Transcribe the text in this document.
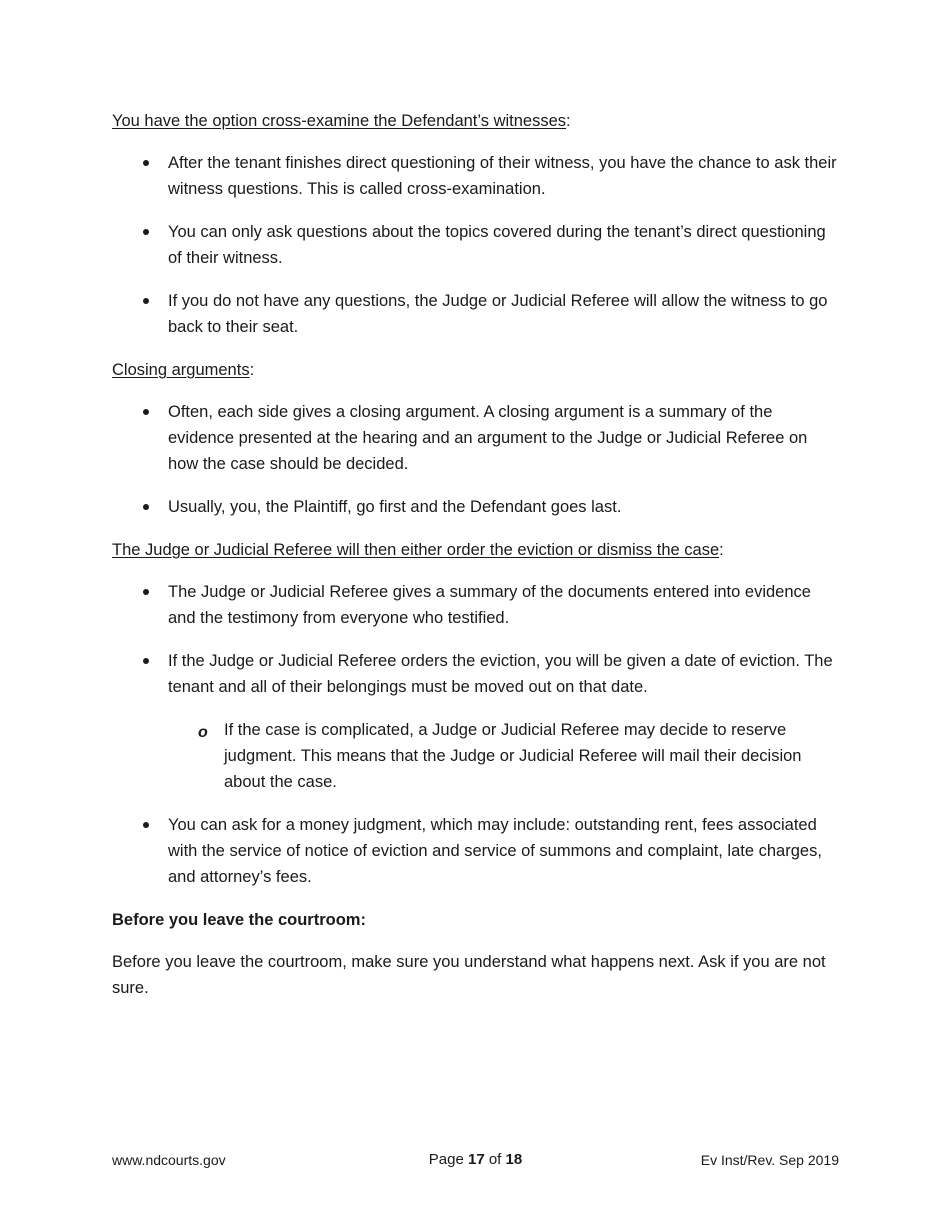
You have the option cross-examine the Defendant’s witnesses:

After the tenant finishes direct questioning of their witness, you have the chance to ask their witness questions. This is called cross-examination.
You can only ask questions about the topics covered during the tenant’s direct questioning of their witness.
If you do not have any questions, the Judge or Judicial Referee will allow the witness to go back to their seat.

Closing arguments:

Often, each side gives a closing argument. A closing argument is a summary of the evidence presented at the hearing and an argument to the Judge or Judicial Referee on how the case should be decided.
Usually, you, the Plaintiff, go first and the Defendant goes last.

The Judge or Judicial Referee will then either order the eviction or dismiss the case:

The Judge or Judicial Referee gives a summary of the documents entered into evidence and the testimony from everyone who testified.
If the Judge or Judicial Referee orders the eviction, you will be given a date of eviction. The tenant and all of their belongings must be moved out on that date.
o If the case is complicated, a Judge or Judicial Referee may decide to reserve judgment. This means that the Judge or Judicial Referee will mail their decision about the case.
You can ask for a money judgment, which may include: outstanding rent, fees associated with the service of notice of eviction and service of summons and complaint, late charges, and attorney’s fees.

Before you leave the courtroom:

Before you leave the courtroom, make sure you understand what happens next. Ask if you are not sure.

www.ndcourts.gov	Page 17 of 18	Ev Inst/Rev. Sep 2019
